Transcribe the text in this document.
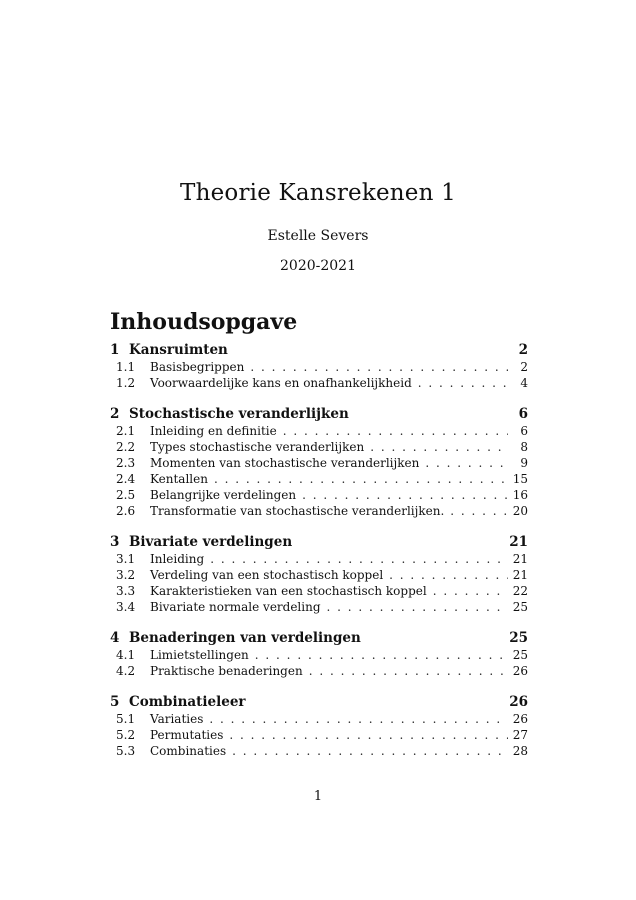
Theorie Kansrekenen 1
Estelle Severs
2020-2021
Inhoudsopgave
1 Kansruimten	2
1.1	Basisbegrippen . . .	2
1.2	Voorwaardelijke kans en onafhankelijkheid . . .	4
2 Stochastische veranderlijken	6
2.1	Inleiding en definitie . . .	6
2.2	Types stochastische veranderlijken . . .	8
2.3	Momenten van stochastische veranderlijken . . .	9
2.4	Kentallen . . .	15
2.5	Belangrijke verdelingen . . .	16
2.6	Transformatie van stochastische veranderlijken. . . .	20
3 Bivariate verdelingen	21
3.1	Inleiding . . .	21
3.2	Verdeling van een stochastisch koppel . . .	21
3.3	Karakteristieken van een stochastisch koppel . . .	22
3.4	Bivariate normale verdeling . . .	25
4 Benaderingen van verdelingen	25
4.1	Limietstellingen . . .	25
4.2	Praktische benaderingen . . .	26
5 Combinatieleer	26
5.1	Variaties . . .	26
5.2	Permutaties . . .	27
5.3	Combinaties . . .	28
1
